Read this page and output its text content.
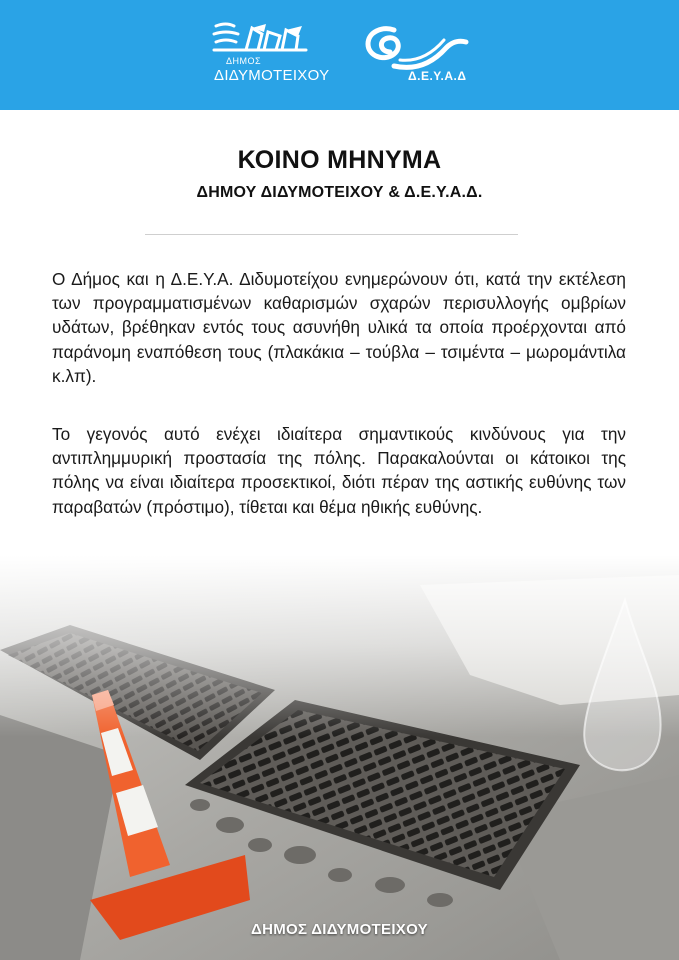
ΔΗΜΟΣ
ΔΙΔΥΜΟΤΕΙΧΟΥ	Δ.Ε.Υ.Α.Δ
ΚΟΙΝΟ ΜΗΝΥΜΑ
ΔΗΜΟΥ ΔΙΔΥΜΟΤΕΙΧΟΥ & Δ.Ε.Υ.Α.Δ.
Ο Δήμος και η Δ.Ε.Υ.Α. Διδυμοτείχου ενημερώνουν ότι, κατά την εκτέλεση των προγραμματισμένων καθαρισμών σχαρών περισυλλογής ομβρίων υδάτων, βρέθηκαν εντός τους ασυνήθη υλικά τα οποία προέρχονται από παράνομη εναπόθεση τους (πλακάκια – τούβλα – τσιμέντα – μωρομάντιλα κ.λπ).
Το γεγονός αυτό ενέχει ιδιαίτερα σημαντικούς κινδύνους για την αντιπλημμυρική προστασία της πόλης. Παρακαλούνται οι κάτοικοι της πόλης να είναι ιδιαίτερα προσεκτικοί, διότι πέραν της αστικής ευθύνης των παραβατών (πρόστιμο), τίθεται και θέμα ηθικής ευθύνης.
ΔΗΜΟΣ ΔΙΔΥΜΟΤΕΙΧΟΥ
